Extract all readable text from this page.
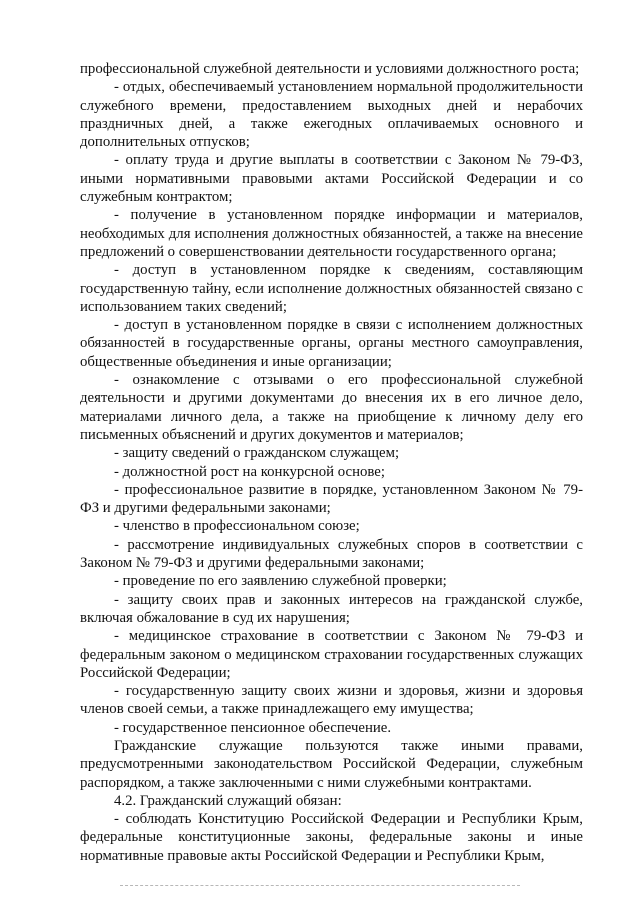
профессиональной служебной деятельности и условиями должностного роста;

- отдых, обеспечиваемый установлением нормальной продолжительности служебного времени, предоставлением выходных дней и нерабочих праздничных дней, а также ежегодных оплачиваемых основного и дополнительных отпусков;

- оплату труда и другие выплаты в соответствии с Законом № 79-ФЗ, иными нормативными правовыми актами Российской Федерации и со служебным контрактом;

- получение в установленном порядке информации и материалов, необходимых для исполнения должностных обязанностей, а также на внесение предложений о совершенствовании деятельности государственного органа;

- доступ в установленном порядке к сведениям, составляющим государственную тайну, если исполнение должностных обязанностей связано с использованием таких сведений;

- доступ в установленном порядке в связи с исполнением должностных обязанностей в государственные органы, органы местного самоуправления, общественные объединения и иные организации;

- ознакомление с отзывами о его профессиональной служебной деятельности и другими документами до внесения их в его личное дело, материалами личного дела, а также на приобщение к личному делу его письменных объяснений и других документов и материалов;

- защиту сведений о гражданском служащем;

- должностной рост на конкурсной основе;

- профессиональное развитие в порядке, установленном Законом № 79-ФЗ и другими федеральными законами;

- членство в профессиональном союзе;

- рассмотрение индивидуальных служебных споров в соответствии с Законом № 79-ФЗ и другими федеральными законами;

- проведение по его заявлению служебной проверки;

- защиту своих прав и законных интересов на гражданской службе, включая обжалование в суд их нарушения;

- медицинское страхование в соответствии с Законом № 79-ФЗ и федеральным законом о медицинском страховании государственных служащих Российской Федерации;

- государственную защиту своих жизни и здоровья, жизни и здоровья членов своей семьи, а также принадлежащего ему имущества;

- государственное пенсионное обеспечение.

Гражданские служащие пользуются также иными правами, предусмотренными законодательством Российской Федерации, служебным распорядком, а также заключенными с ними служебными контрактами.

4.2. Гражданский служащий обязан:

- соблюдать Конституцию Российской Федерации и Республики Крым, федеральные конституционные законы, федеральные законы и иные нормативные правовые акты Российской Федерации и Республики Крым,
